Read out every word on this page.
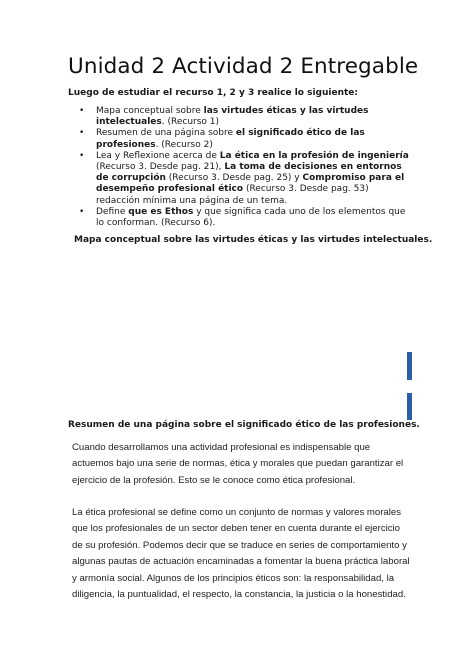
Unidad 2 Actividad 2 Entregable
Luego de estudiar el recurso 1, 2 y 3 realice lo siguiente:
• Mapa conceptual sobre las virtudes éticas y las virtudes intelectuales. (Recurso 1)
• Resumen de una página sobre el significado ético de las profesiones. (Recurso 2)
• Lea y Reflexione acerca de La ética en la profesión de ingeniería (Recurso 3. Desde pag. 21), La toma de decisiones en entornos de corrupción (Recurso 3. Desde pag. 25) y Compromiso para el desempeño profesional ético (Recurso 3. Desde pag. 53) redacción mínima una página de un tema.
• Define que es Ethos y que significa cada uno de los elementos que lo conforman. (Recurso 6).
Mapa conceptual sobre las virtudes éticas y las virtudes intelectuales.
Resumen de una página sobre el significado ético de las profesiones.
Cuando desarrollamos una actividad profesional es indispensable que actuemos bajo una serie de normas, ética y morales que puedan garantizar el ejercicio de la profesión. Esto se le conoce como ética profesional.
La ética profesional se define como un conjunto de normas y valores morales que los profesionales de un sector deben tener en cuenta durante el ejercicio de su profesión. Podemos decir que se traduce en series de comportamiento y algunas pautas de actuación encaminadas a fomentar la buena práctica laboral y armonía social. Algunos de los principios éticos son: la responsabilidad, la diligencia, la puntualidad, el respecto, la constancia, la justicia o la honestidad.
